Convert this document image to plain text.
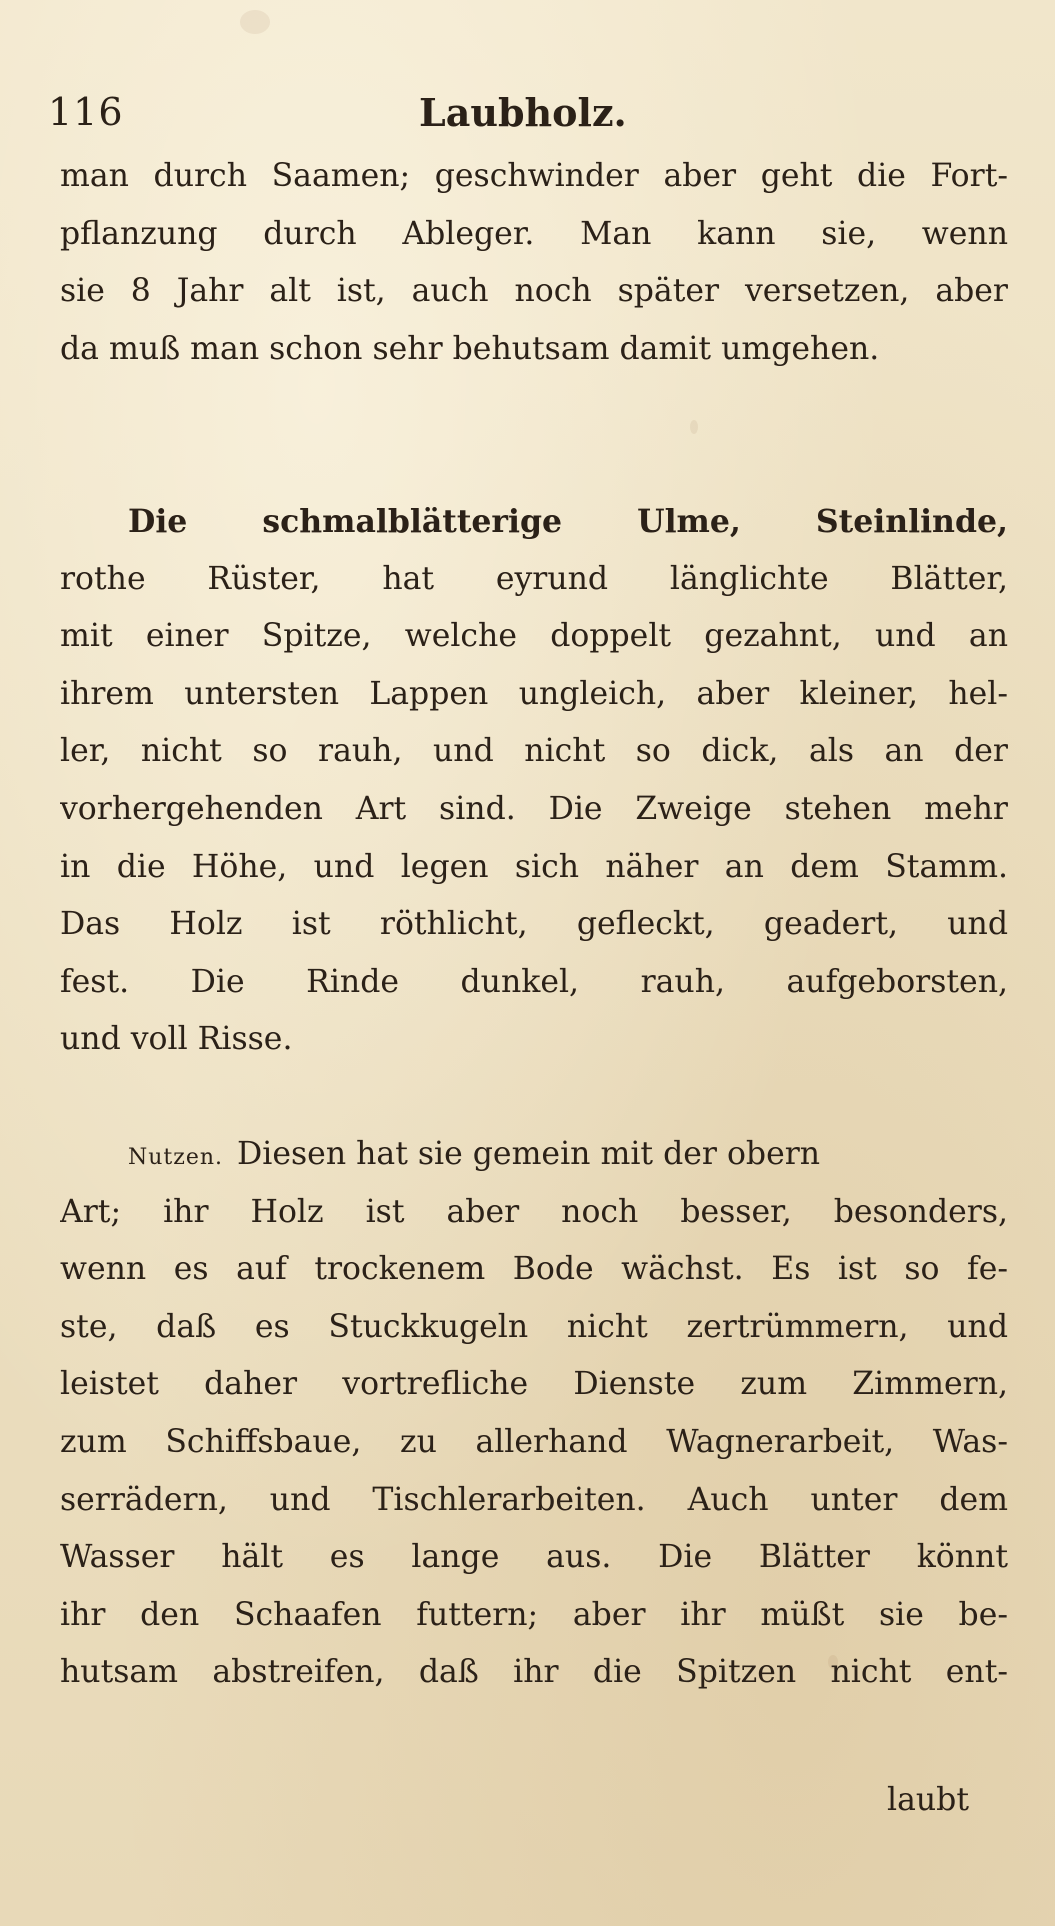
116	Laubholz.

man durch Saamen; geschwinder aber geht die Fort-
pflanzung durch Ableger. Man kann sie, wenn
sie 8 Jahr alt ist, auch noch später versetzen, aber
da muß man schon sehr behutsam damit umgehen.

Die schmalblätterige Ulme, Steinlinde,
rothe Rüster, hat eyrund länglichte Blätter,
mit einer Spitze, welche doppelt gezahnt, und an
ihrem untersten Lappen ungleich, aber kleiner, hel-
ler, nicht so rauh, und nicht so dick, als an der
vorhergehenden Art sind. Die Zweige stehen mehr
in die Höhe, und legen sich näher an dem Stamm.
Das Holz ist röthlicht, gefleckt, geadert, und
fest. Die Rinde dunkel, rauh, aufgeborsten,
und voll Risse.

Nutzen. Diesen hat sie gemein mit der obern
Art; ihr Holz ist aber noch besser, besonders,
wenn es auf trockenem Bode wächst. Es ist so fe-
ste, daß es Stuckkugeln nicht zertrümmern, und
leistet daher vortrefliche Dienste zum Zimmern,
zum Schiffsbaue, zu allerhand Wagnerarbeit, Was-
serrädern, und Tischlerarbeiten. Auch unter dem
Wasser hält es lange aus. Die Blätter könnt
ihr den Schaafen futtern; aber ihr müßt sie be-
hutsam abstreifen, daß ihr die Spitzen nicht ent-

laubt
